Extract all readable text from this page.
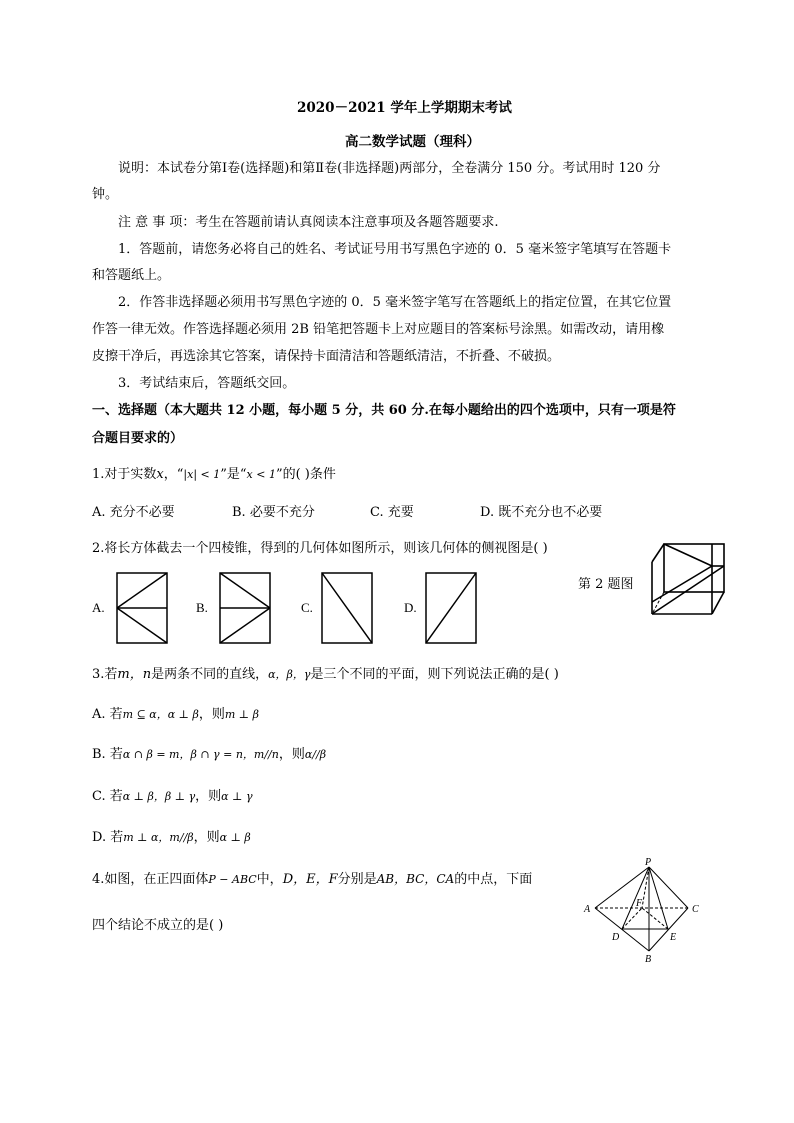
2020－2021 学年上学期期末考试
高二数学试题（理科）
说明：本试卷分第Ⅰ卷(选择题)和第Ⅱ卷(非选择题)两部分，全卷满分 150 分。考试用时 120 分
钟。
注 意 事 项：考生在答题前请认真阅读本注意事项及各题答题要求.
1．答题前，请您务必将自己的姓名、考试证号用书写黑色字迹的 0．5 毫米签字笔填写在答题卡
和答题纸上。
2．作答非选择题必须用书写黑色字迹的 0．5 毫米签字笔写在答题纸上的指定位置，在其它位置
作答一律无效。作答选择题必须用 2B 铅笔把答题卡上对应题目的答案标号涂黑。如需改动，请用橡
皮擦干净后，再选涂其它答案，请保持卡面清洁和答题纸清洁，不折叠、不破损。
3．考试结束后，答题纸交回。
一、选择题（本大题共 12 小题，每小题 5 分，共 60 分.在每小题给出的四个选项中，只有一项是符
合题目要求的）
1.对于实数x，“|x| < 1”是“x < 1”的( )条件
A. 充分不必要	B. 必要不充分	C. 充要	D. 既不充分也不必要
2.将长方体截去一个四棱锥，得到的几何体如图所示，则该几何体的侧视图是( )
第 2 题图
A.	B.	C.	D.
3.若m，n是两条不同的直线，α，β，γ是三个不同的平面，则下列说法正确的是( )
A. 若m ⊆ α，α ⊥ β，则m ⊥ β
B. 若α ∩ β = m，β ∩ γ = n，m//n，则α//β
C. 若α ⊥ β，β ⊥ γ，则α ⊥ γ
D. 若m ⊥ α，m//β，则α ⊥ β
4.如图，在正四面体P − ABC中，D，E，F分别是AB，BC，CA的中点，下面
四个结论不成立的是( )
P
A	C
B
D	E
F
